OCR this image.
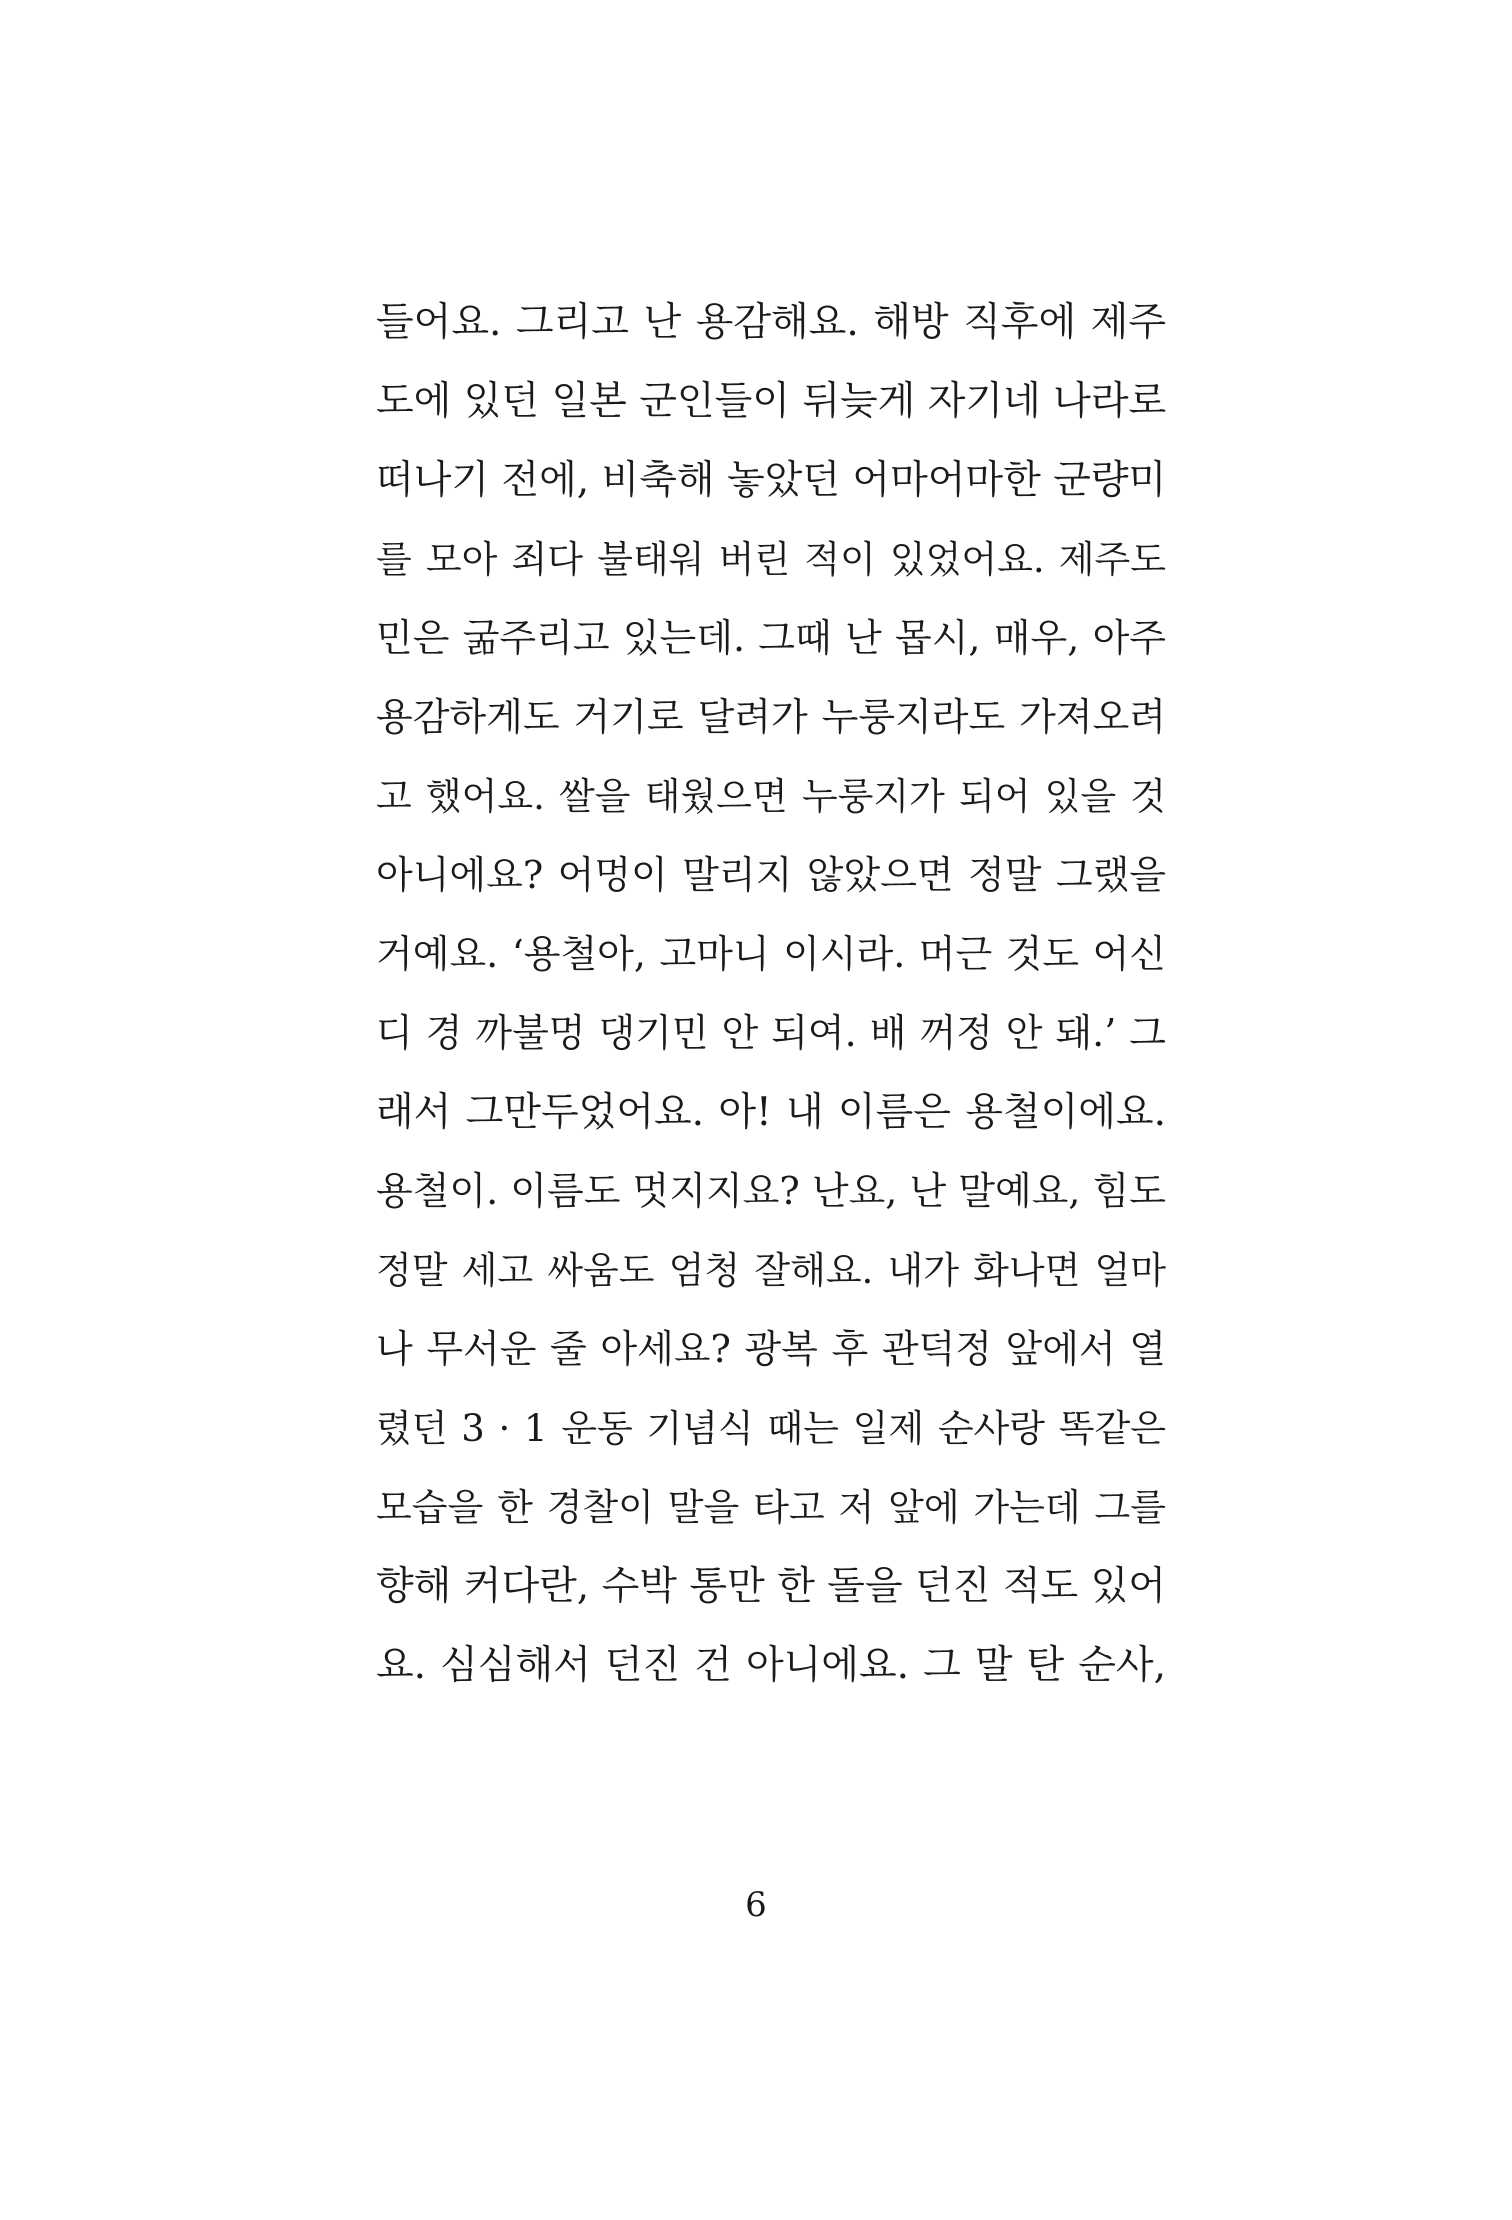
들어요. 그리고 난 용감해요. 해방 직후에 제주
도에 있던 일본 군인들이 뒤늦게 자기네 나라로
떠나기 전에, 비축해 놓았던 어마어마한 군량미
를 모아 죄다 불태워 버린 적이 있었어요. 제주도
민은 굶주리고 있는데. 그때 난 몹시, 매우, 아주
용감하게도 거기로 달려가 누룽지라도 가져오려
고 했어요. 쌀을 태웠으면 누룽지가 되어 있을 것
아니에요? 어멍이 말리지 않았으면 정말 그랬을
거예요. ‘용철아, 고마니 이시라. 머근 것도 어신
디 경 까불멍 댕기민 안 되여. 배 꺼정 안 돼.’ 그
래서 그만두었어요. 아! 내 이름은 용철이에요.
용철이. 이름도 멋지지요? 난요, 난 말예요, 힘도
정말 세고 싸움도 엄청 잘해요. 내가 화나면 얼마
나 무서운 줄 아세요? 광복 후 관덕정 앞에서 열
렸던 3 · 1 운동 기념식 때는 일제 순사랑 똑같은
모습을 한 경찰이 말을 타고 저 앞에 가는데 그를
향해 커다란, 수박 통만 한 돌을 던진 적도 있어
요. 심심해서 던진 건 아니에요. 그 말 탄 순사,
6
